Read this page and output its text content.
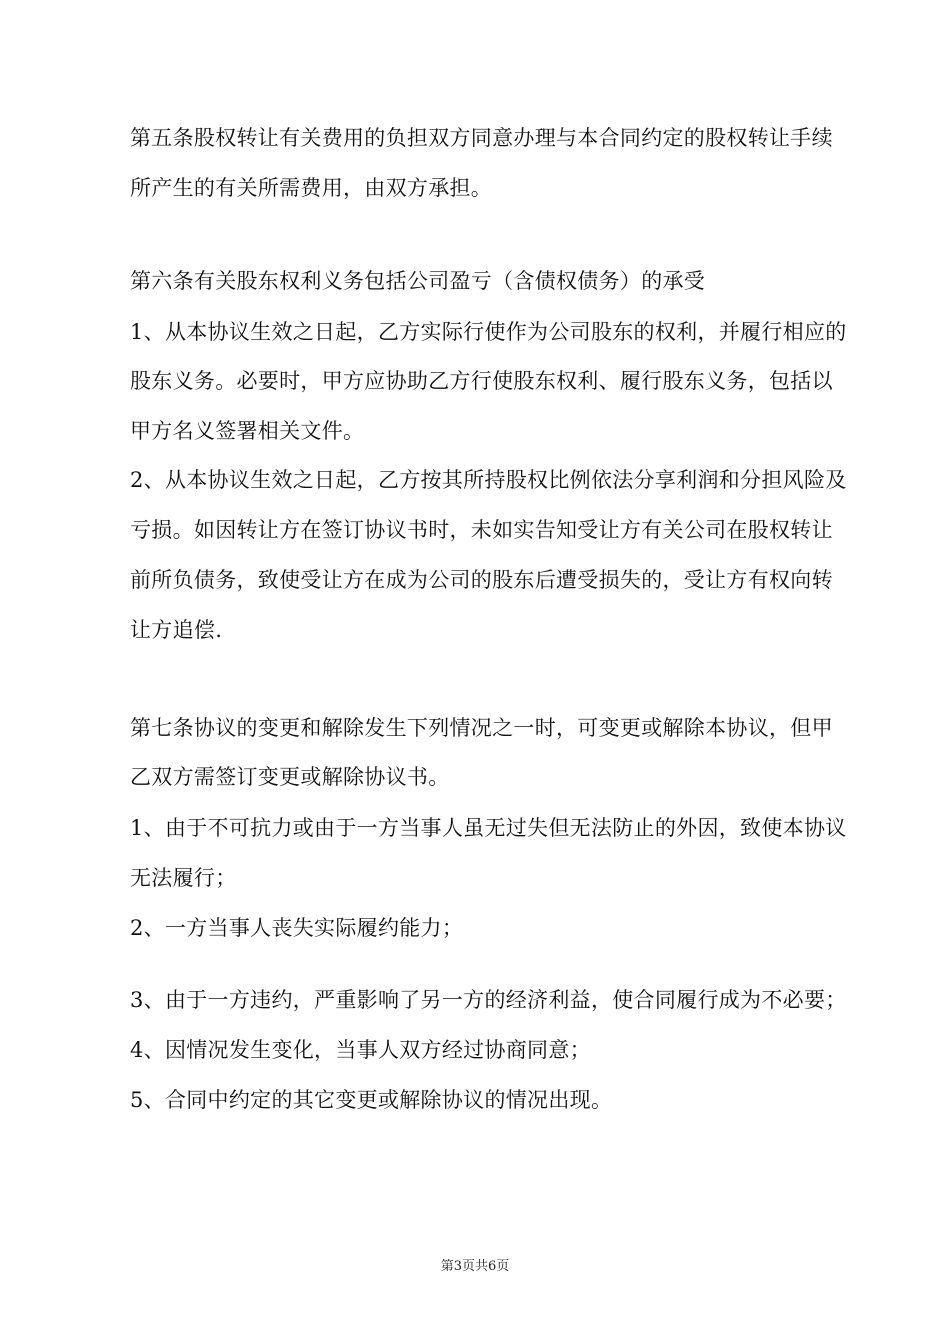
第五条股权转让有关费用的负担双方同意办理与本合同约定的股权转让手续
所产生的有关所需费用，由双方承担。
第六条有关股东权利义务包括公司盈亏（含债权债务）的承受
1、从本协议生效之日起，乙方实际行使作为公司股东的权利，并履行相应的
股东义务。必要时，甲方应协助乙方行使股东权利、履行股东义务，包括以
甲方名义签署相关文件。
2、从本协议生效之日起，乙方按其所持股权比例依法分享利润和分担风险及
亏损。如因转让方在签订协议书时，未如实告知受让方有关公司在股权转让
前所负债务，致使受让方在成为公司的股东后遭受损失的，受让方有权向转
让方追偿.
第七条协议的变更和解除发生下列情况之一时，可变更或解除本协议，但甲
乙双方需签订变更或解除协议书。
1、由于不可抗力或由于一方当事人虽无过失但无法防止的外因，致使本协议
无法履行；
2、一方当事人丧失实际履约能力；
3、由于一方违约，严重影响了另一方的经济利益，使合同履行成为不必要；
4、因情况发生变化，当事人双方经过协商同意；
5、合同中约定的其它变更或解除协议的情况出现。
第3页共6页
